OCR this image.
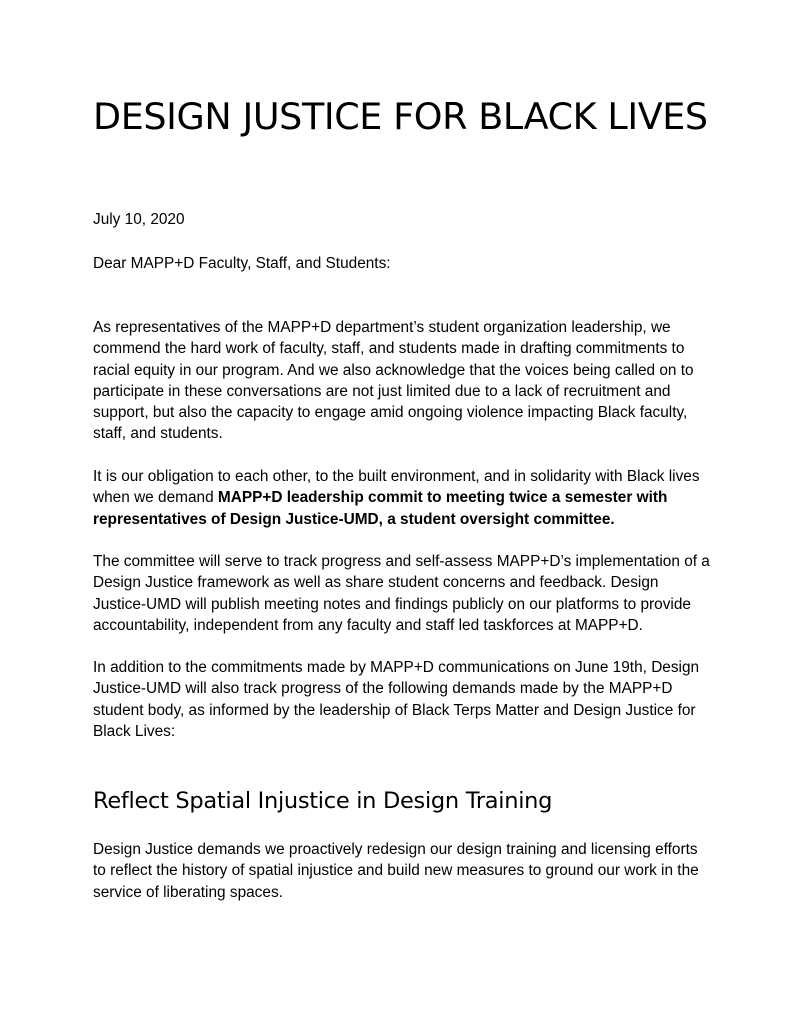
DESIGN JUSTICE FOR BLACK LIVES

July 10, 2020

Dear MAPP+D Faculty, Staff, and Students:

As representatives of the MAPP+D department’s student organization leadership, we
commend the hard work of faculty, staff, and students made in drafting commitments to
racial equity in our program. And we also acknowledge that the voices being called on to
participate in these conversations are not just limited due to a lack of recruitment and
support, but also the capacity to engage amid ongoing violence impacting Black faculty,
staff, and students.

It is our obligation to each other, to the built environment, and in solidarity with Black lives
when we demand MAPP+D leadership commit to meeting twice a semester with
representatives of Design Justice-UMD, a student oversight committee.

The committee will serve to track progress and self-assess MAPP+D’s implementation of a
Design Justice framework as well as share student concerns and feedback. Design
Justice-UMD will publish meeting notes and findings publicly on our platforms to provide
accountability, independent from any faculty and staff led taskforces at MAPP+D.

In addition to the commitments made by MAPP+D communications on June 19th, Design
Justice-UMD will also track progress of the following demands made by the MAPP+D
student body, as informed by the leadership of Black Terps Matter and Design Justice for
Black Lives:

Reflect Spatial Injustice in Design Training

Design Justice demands we proactively redesign our design training and licensing efforts
to reflect the history of spatial injustice and build new measures to ground our work in the
service of liberating spaces.
